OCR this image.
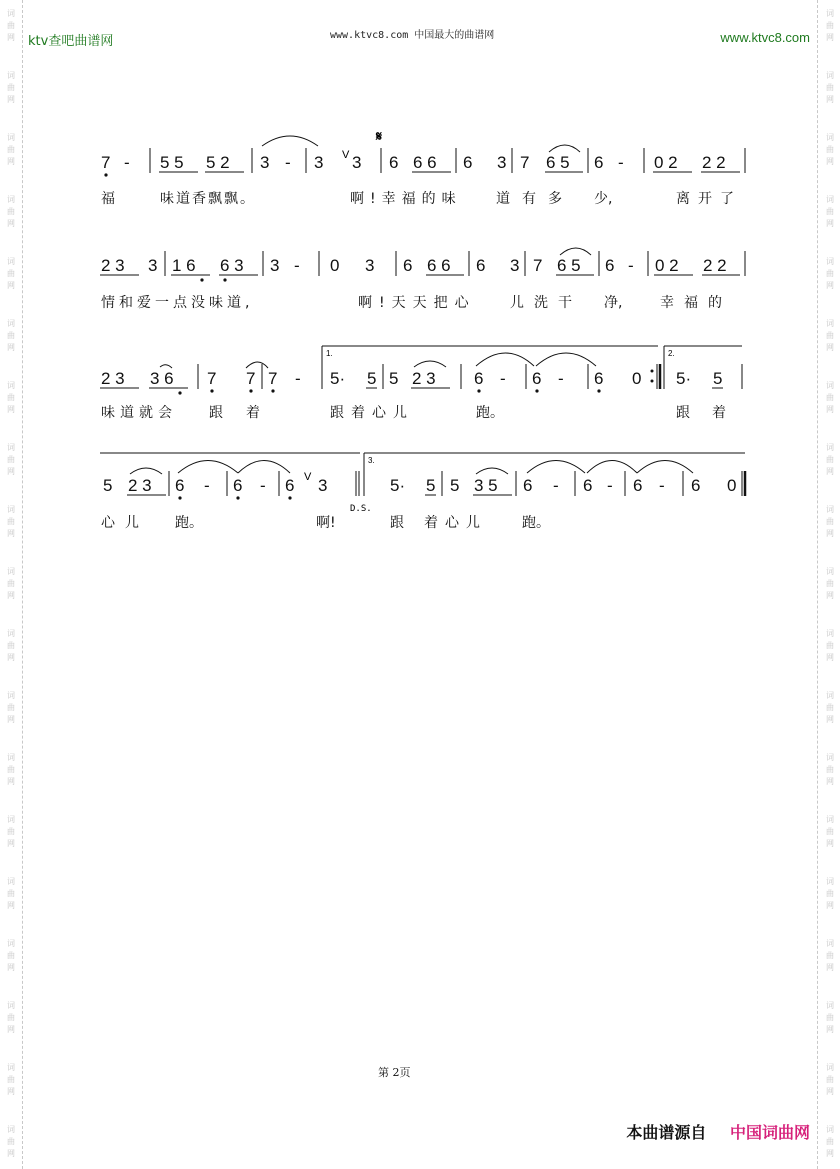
词
曲
网
词
曲
网
词
曲
网
词
曲
网
词
曲
网
词
曲
网
词
曲
网
词
曲
网
词
曲
网
词
曲
网
词
曲
网
词
曲
网
词
曲
网
词
曲
网
词
曲
网
词
曲
网
词
曲
网
词
曲
网
词
曲
网
词
曲
网
词
曲
网
词
曲
网
词
曲
网
词
曲
网
词
曲
网
词
曲
网
词
曲
网
词
曲
网
词
曲
网
词
曲
网
词
曲
网
词
曲
网
词
曲
网
词
曲
网
词
曲
网
词
曲
网
词
曲
网
词
曲
网
ktv查吧曲谱网	www.ktvc8.com 中国最大的曲谱网	www.ktvc8.com
7 - 5 5 5 2 3 - 3 V 3
𝄋
6 6 6 6 3 7 6 5 6 - 0 2 2 2
2 3 3 1 6 6 3 3 - 0 3 6 6 6 6 3 7 6 5 6 - 0 2 2 2
2 3 3 6 7 7 7 -
1.
5· 5 5 2 3 6 - 6 - 6 0
2.
5· 5
5 2 3 6 - 6 - 6 V 3
D.S.
3.
5· 5 5 3 5 6 - 6 - 6 - 6 0
福	味道香飘飘。	啊!幸福的味 道有多 少,	离开了
情和爱一点没味道,	啊!天天把心 儿洗干 净,	幸福的
味道就会 跟 着	跟着心儿	跑。	跟 着
心儿 跑。	啊!	跟 着心儿	跑。
第 2页
本曲谱源自 中国词曲网
